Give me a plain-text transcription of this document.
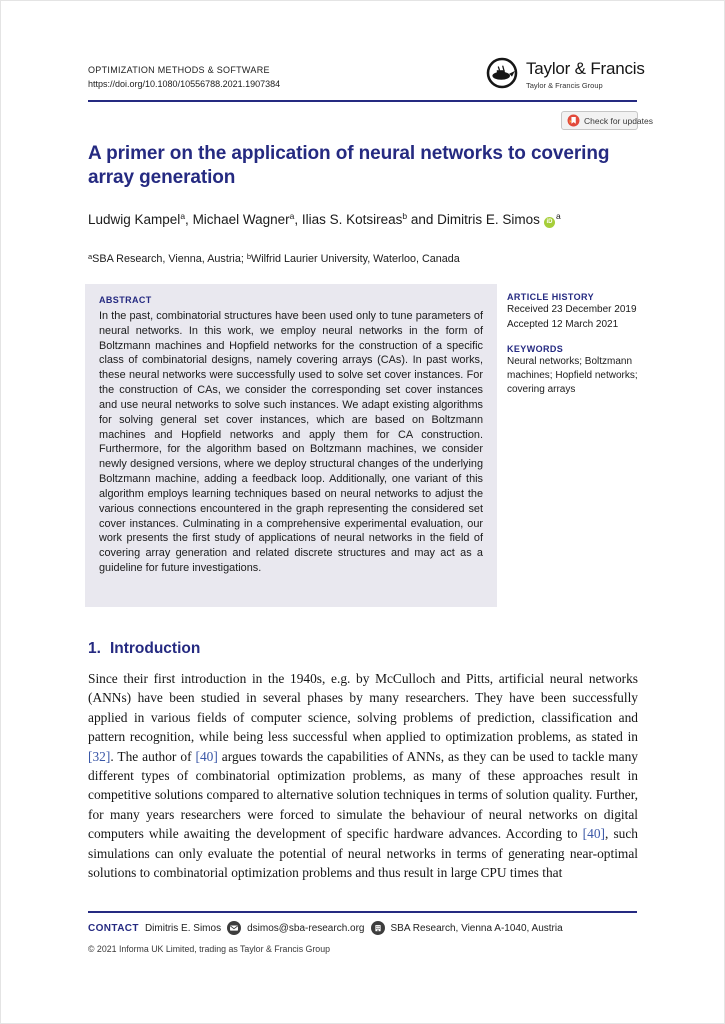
OPTIMIZATION METHODS & SOFTWARE
https://doi.org/10.1080/10556788.2021.1907384
Taylor & Francis
Taylor & Francis Group
Check for updates
A primer on the application of neural networks to covering array generation
Ludwig Kampel$^a$, Michael Wagner$^a$, Ilias S. Kotsireas$^b$ and Dimitris E. Simos $iD^a$
$^a$SBA Research, Vienna, Austria; $^b$Wilfrid Laurier University, Waterloo, Canada
ABSTRACT
In the past, combinatorial structures have been used only to tune parameters of neural networks. In this work, we employ neural networks in the form of Boltzmann machines and Hopfield networks for the construction of a specific class of combinatorial designs, namely covering arrays (CAs). In past works, these neural networks were successfully used to solve set cover instances. For the construction of CAs, we consider the corresponding set cover instances and use neural networks to solve such instances. We adapt existing algorithms for solving general set cover instances, which are based on Boltzmann machines and Hopfield networks and apply them for CA construction. Furthermore, for the algorithm based on Boltzmann machines, we consider newly designed versions, where we deploy structural changes of the underlying Boltzmann machine, adding a feedback loop. Additionally, one variant of this algorithm employs learning techniques based on neural networks to adjust the various connections encountered in the graph representing the considered set cover instances. Culminating in a comprehensive experimental evaluation, our work presents the first study of applications of neural networks in the field of covering array generation and related discrete structures and may act as a guideline for future investigations.
ARTICLE HISTORY
Received 23 December 2019
Accepted 12 March 2021
KEYWORDS
Neural networks; Boltzmann machines; Hopfield networks; covering arrays
1. Introduction

Since their first introduction in the 1940s, e.g. by McCulloch and Pitts, artificial neural networks (ANNs) have been studied in several phases by many researchers. They have been successfully applied in various fields of computer science, solving problems of prediction, classification and pattern recognition, while being less successful when applied to optimization problems, as stated in [32]. The author of [40] argues towards the capabilities of ANNs, as they can be used to tackle many different types of combinatorial optimization problems, as many of these approaches result in competitive solutions compared to alternative solution techniques in terms of solution quality. Further, for many years researchers were forced to simulate the behaviour of neural networks on digital computers while awaiting the development of specific hardware advances. According to [40], such simulations can only evaluate the potential of neural networks in terms of generating near-optimal solutions to combinatorial optimization problems and thus result in large CPU times that

CONTACT Dimitris E. Simos	dsimos@sba-research.org	SBA Research, Vienna A-1040, Austria
© 2021 Informa UK Limited, trading as Taylor & Francis Group
